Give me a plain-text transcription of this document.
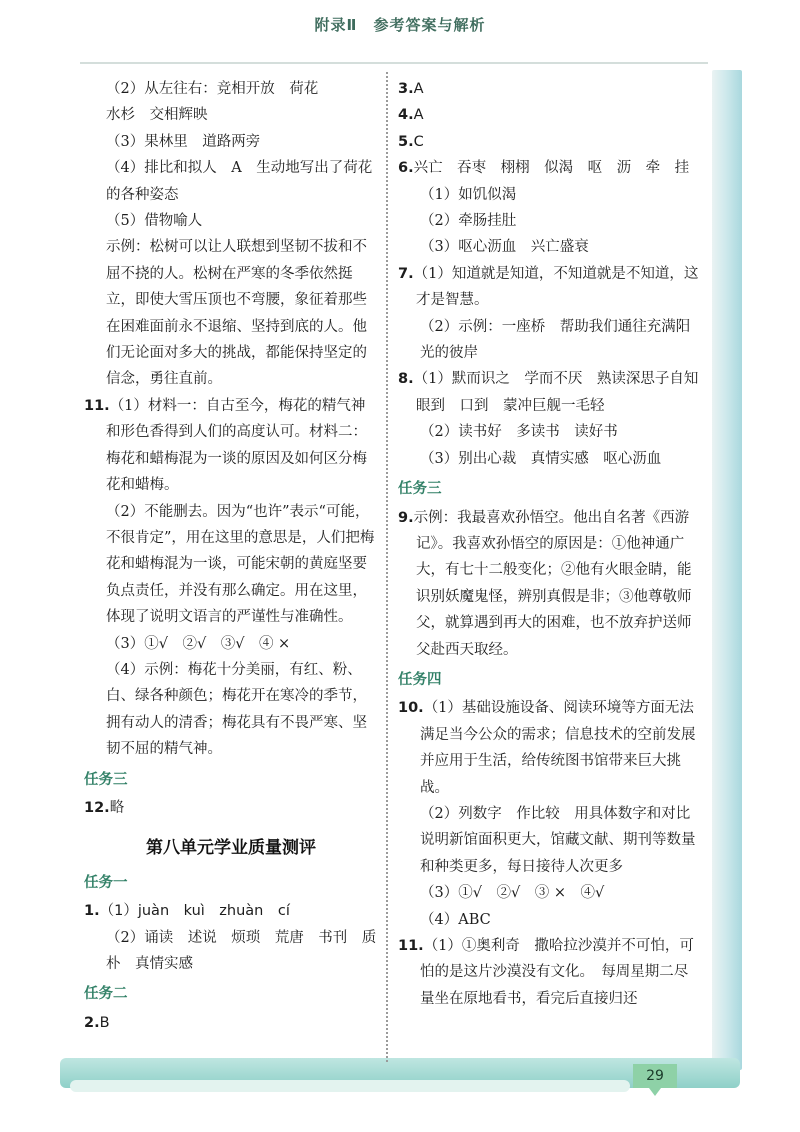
附录Ⅱ 参考答案与解析
29

（2）从左往右：竞相开放　荷花

水杉　交相辉映

（3）果林里　道路两旁

（4）排比和拟人　A　生动地写出了荷花的各种姿态

（5）借物喻人

示例：松树可以让人联想到坚韧不拔和不屈不挠的人。松树在严寒的冬季依然挺立，即使大雪压顶也不弯腰，象征着那些在困难面前永不退缩、坚持到底的人。他们无论面对多大的挑战，都能保持坚定的信念，勇往直前。

11.（1）材料一：自古至今，梅花的精气神和形色香得到人们的高度认可。材料二：梅花和蜡梅混为一谈的原因及如何区分梅花和蜡梅。

（2）不能删去。因为“也许”表示“可能，不很肯定”，用在这里的意思是，人们把梅花和蜡梅混为一谈，可能宋朝的黄庭坚要负点责任，并没有那么确定。用在这里，体现了说明文语言的严谨性与准确性。

（3）①√　②√　③√　④ ×

（4）示例：梅花十分美丽，有红、粉、白、绿各种颜色；梅花开在寒冷的季节，拥有动人的清香；梅花具有不畏严寒、坚韧不屈的精气神。

任务三

12.略

第八单元学业质量测评
任务一

1.（1）juàn　kuì　zhuàn　cí

（2）诵读　述说　烦琐　荒唐　书刊　质朴　真情实感

任务二

2.B

3.A

4.A

5.C

6.兴亡　吞枣　栩栩　似渴　呕　沥　牵　挂

（1）如饥似渴

（2）牵肠挂肚

（3）呕心沥血　兴亡盛衰

7.（1）知道就是知道，不知道就是不知道，这才是智慧。

（2）示例：一座桥　帮助我们通往充满阳光的彼岸

8.（1）默而识之　学而不厌　熟读深思子自知　眼到　口到　蒙冲巨舰一毛轻

（2）读书好　多读书　读好书

（3）别出心裁　真情实感　呕心沥血

任务三

9.示例：我最喜欢孙悟空。他出自名著《西游记》。我喜欢孙悟空的原因是：①他神通广大，有七十二般变化；②他有火眼金睛，能识别妖魔鬼怪，辨别真假是非；③他尊敬师父，就算遇到再大的困难，也不放弃护送师父赴西天取经。

任务四

10.（1）基础设施设备、阅读环境等方面无法满足当今公众的需求；信息技术的空前发展并应用于生活，给传统图书馆带来巨大挑战。

（2）列数字　作比较　用具体数字和对比说明新馆面积更大，馆藏文献、期刊等数量和种类更多，每日接待人次更多

（3）①√　②√　③ ×　④√

（4）ABC

11.（1）①奥利奇　撒哈拉沙漠并不可怕，可怕的是这片沙漠没有文化。　每周星期二尽量坐在原地看书，看完后直接归还
